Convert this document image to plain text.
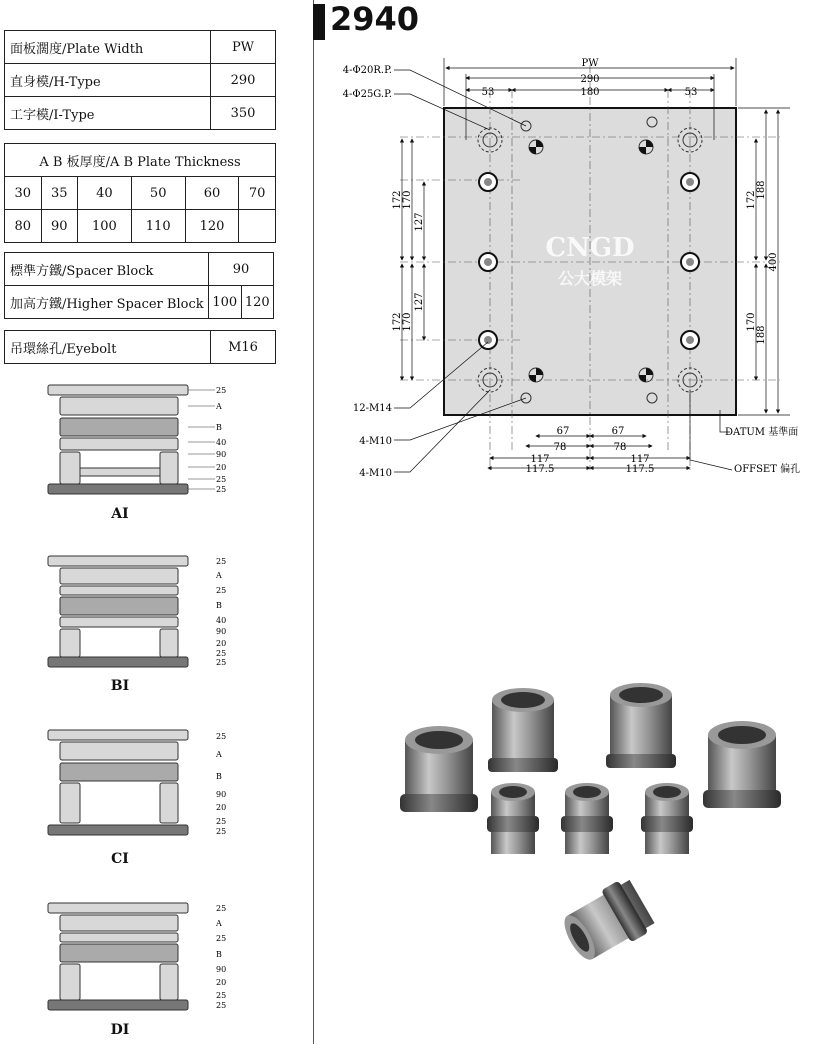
面板濶度/Plate Width	PW
直身模/H-Type	290
工字模/I-Type	350
A B 板厚度/A B Plate Thickness					
30	35	40	50	60	70
80	90	100	110	120	
標準方鐵/Spacer Block	90	
加高方鐵/Higher Spacer Block	100	120
吊環絲孔/Eyebolt	M16
25
A
B
40
90
20
25
25
AI
25
A
25
B
40
90
20
25
25
BI
25
A
B
90
20
25
25
CI
25
A
25
B
90
20
25
25
DI
2940
CNGD
公大模架
PW
290
53	180	53
172 170
127
172 170
127
172
188
400
170
188
67	67
78	78
117	117
117.5	117.5
4-Φ20R.P.
4-Φ25G.P.
12-M14
4-M10
4-M10
DATUM 基準面
OFFSET 偏孔
